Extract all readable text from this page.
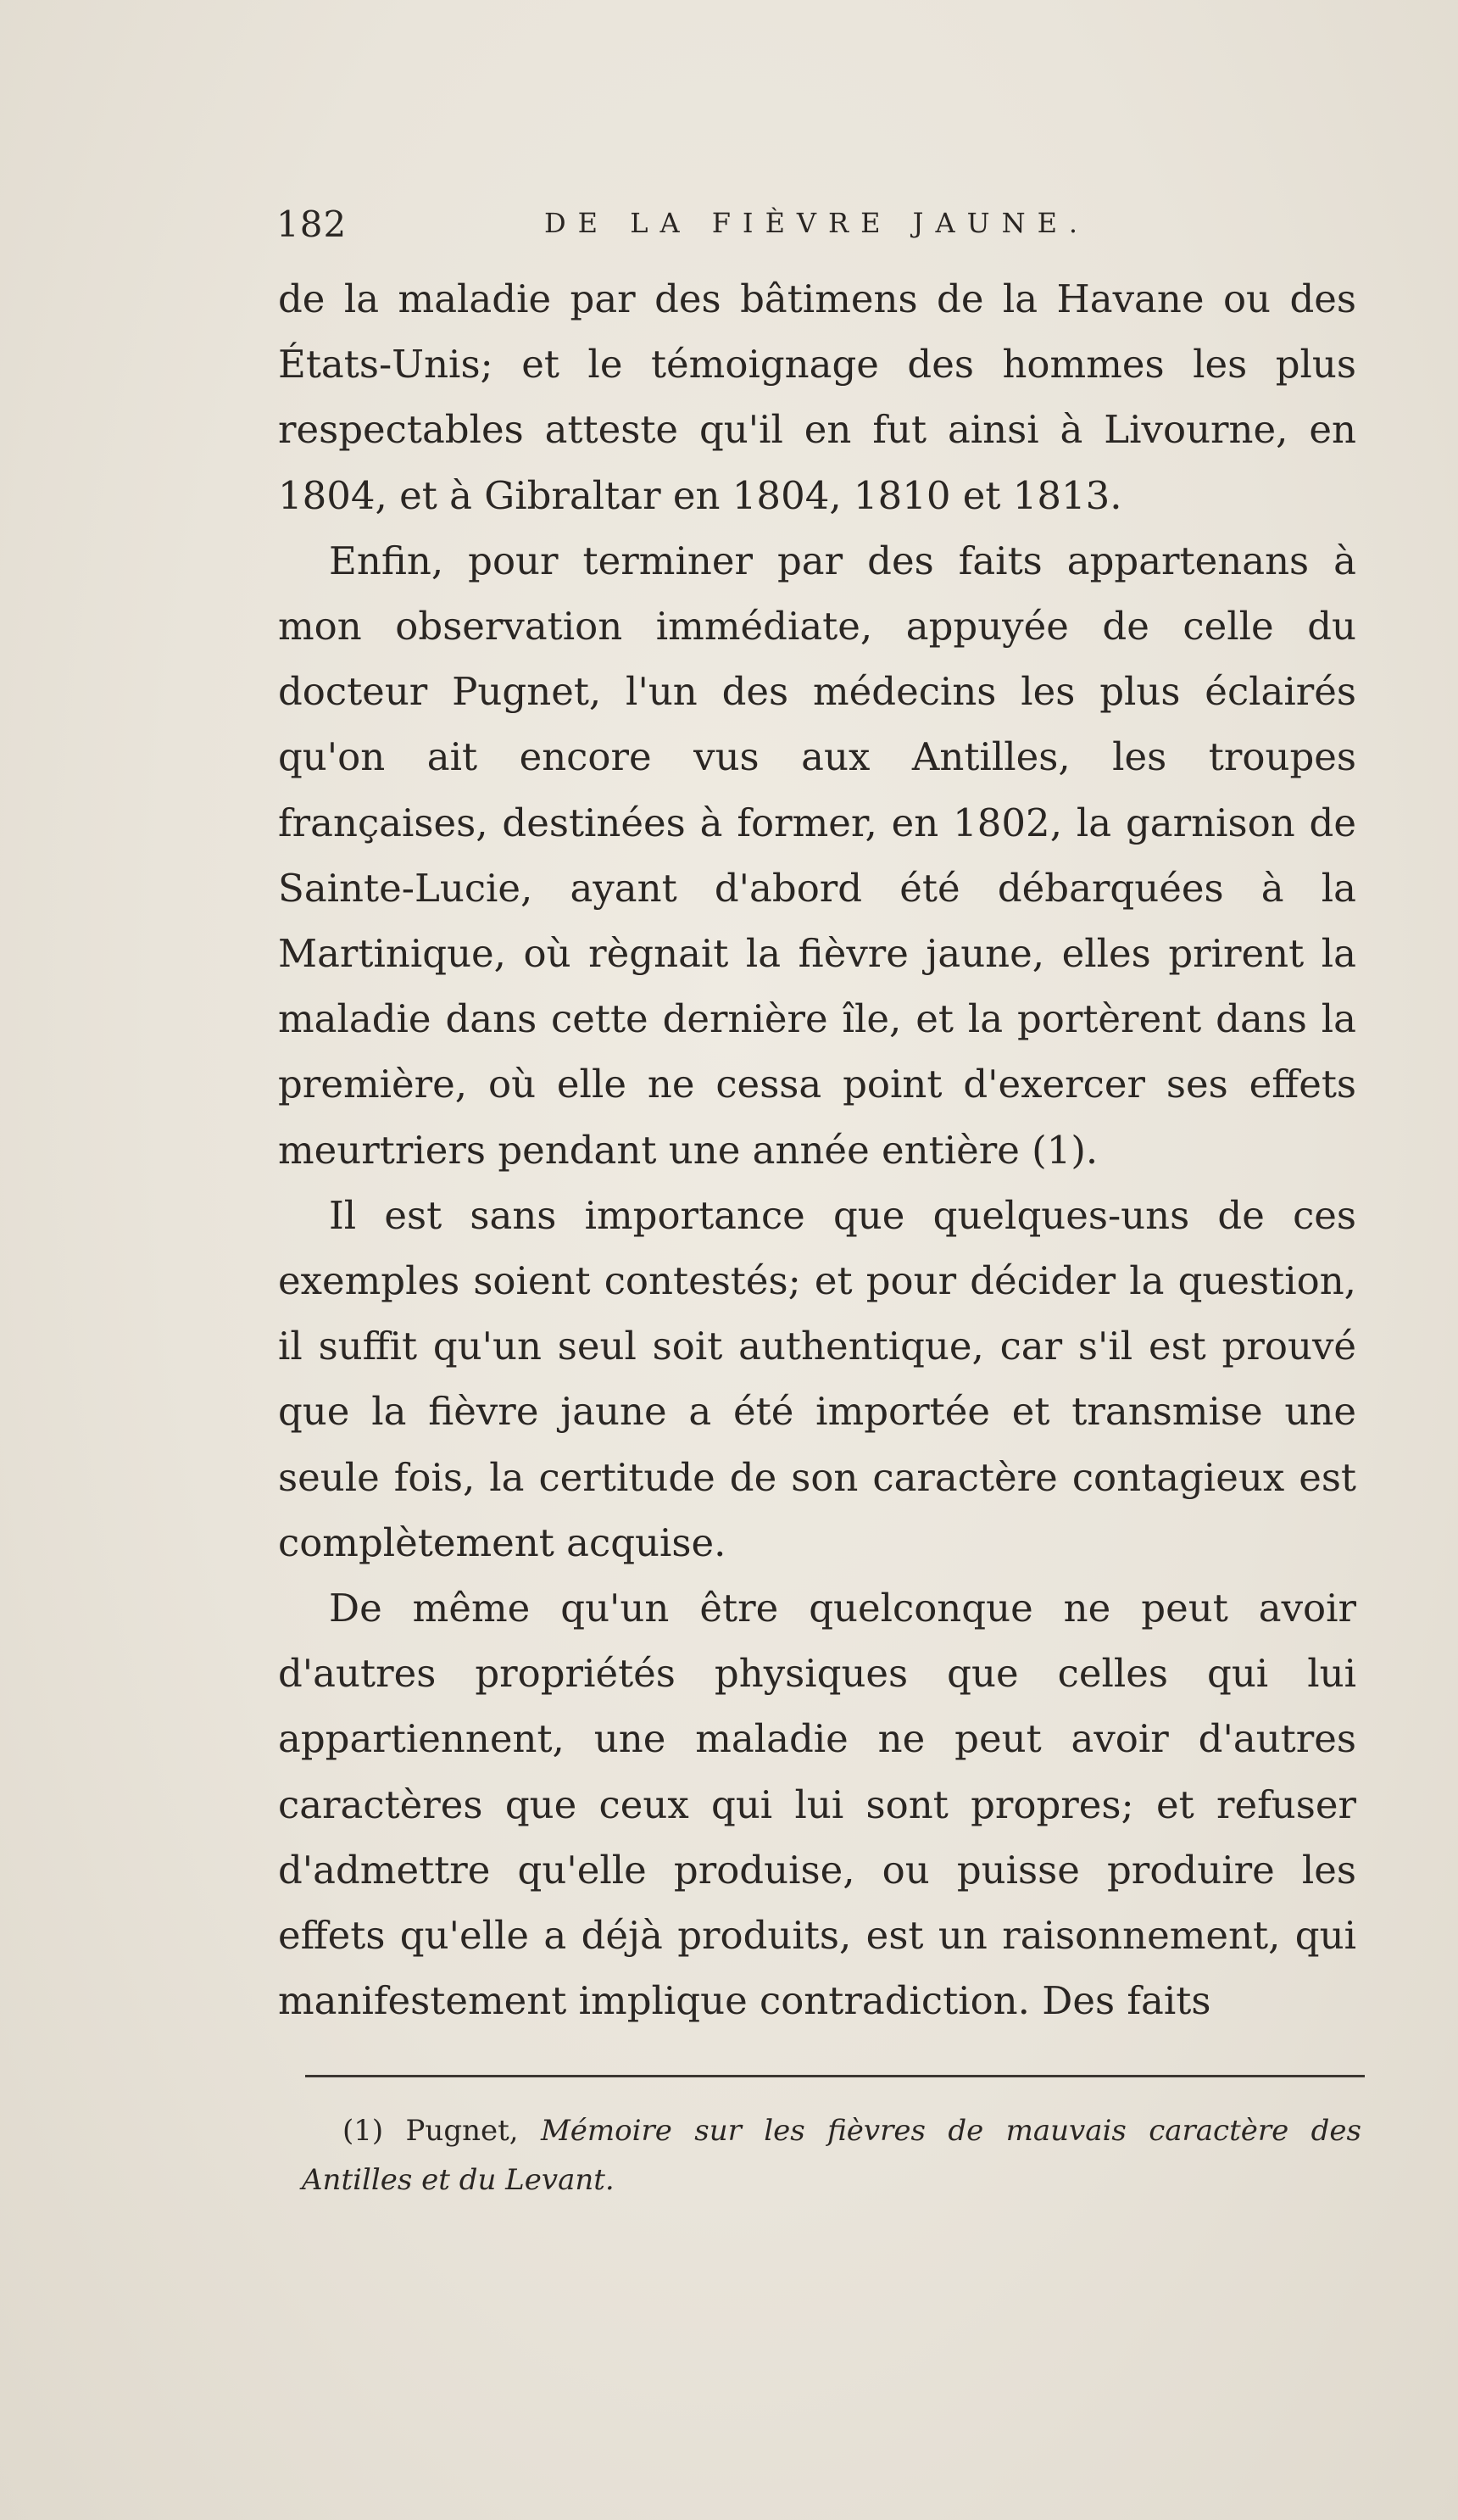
182	DE LA FIÈVRE JAUNE.

de la maladie par des bâtimens de la Havane ou des États-Unis; et le témoignage des hommes les plus respectables atteste qu'il en fut ainsi à Livourne, en 1804, et à Gibraltar en 1804, 1810 et 1813.

Enfin, pour terminer par des faits appartenans à mon observation immédiate, appuyée de celle du docteur Pugnet, l'un des médecins les plus éclairés qu'on ait encore vus aux Antilles, les troupes françaises, destinées à former, en 1802, la garnison de Sainte-Lucie, ayant d'abord été débarquées à la Martinique, où règnait la fièvre jaune, elles prirent la maladie dans cette dernière île, et la portèrent dans la première, où elle ne cessa point d'exercer ses effets meurtriers pendant une année entière (1).

Il est sans importance que quelques-uns de ces exemples soient contestés; et pour décider la question, il suffit qu'un seul soit authentique, car s'il est prouvé que la fièvre jaune a été importée et transmise une seule fois, la certitude de son caractère contagieux est complètement acquise.

De même qu'un être quelconque ne peut avoir d'autres propriétés physiques que celles qui lui appartiennent, une maladie ne peut avoir d'autres caractères que ceux qui lui sont propres; et refuser d'admettre qu'elle produise, ou puisse produire les effets qu'elle a déjà produits, est un raisonnement, qui manifestement implique contradiction. Des faits

(1) Pugnet, Mémoire sur les fièvres de mauvais caractère des Antilles et du Levant.
